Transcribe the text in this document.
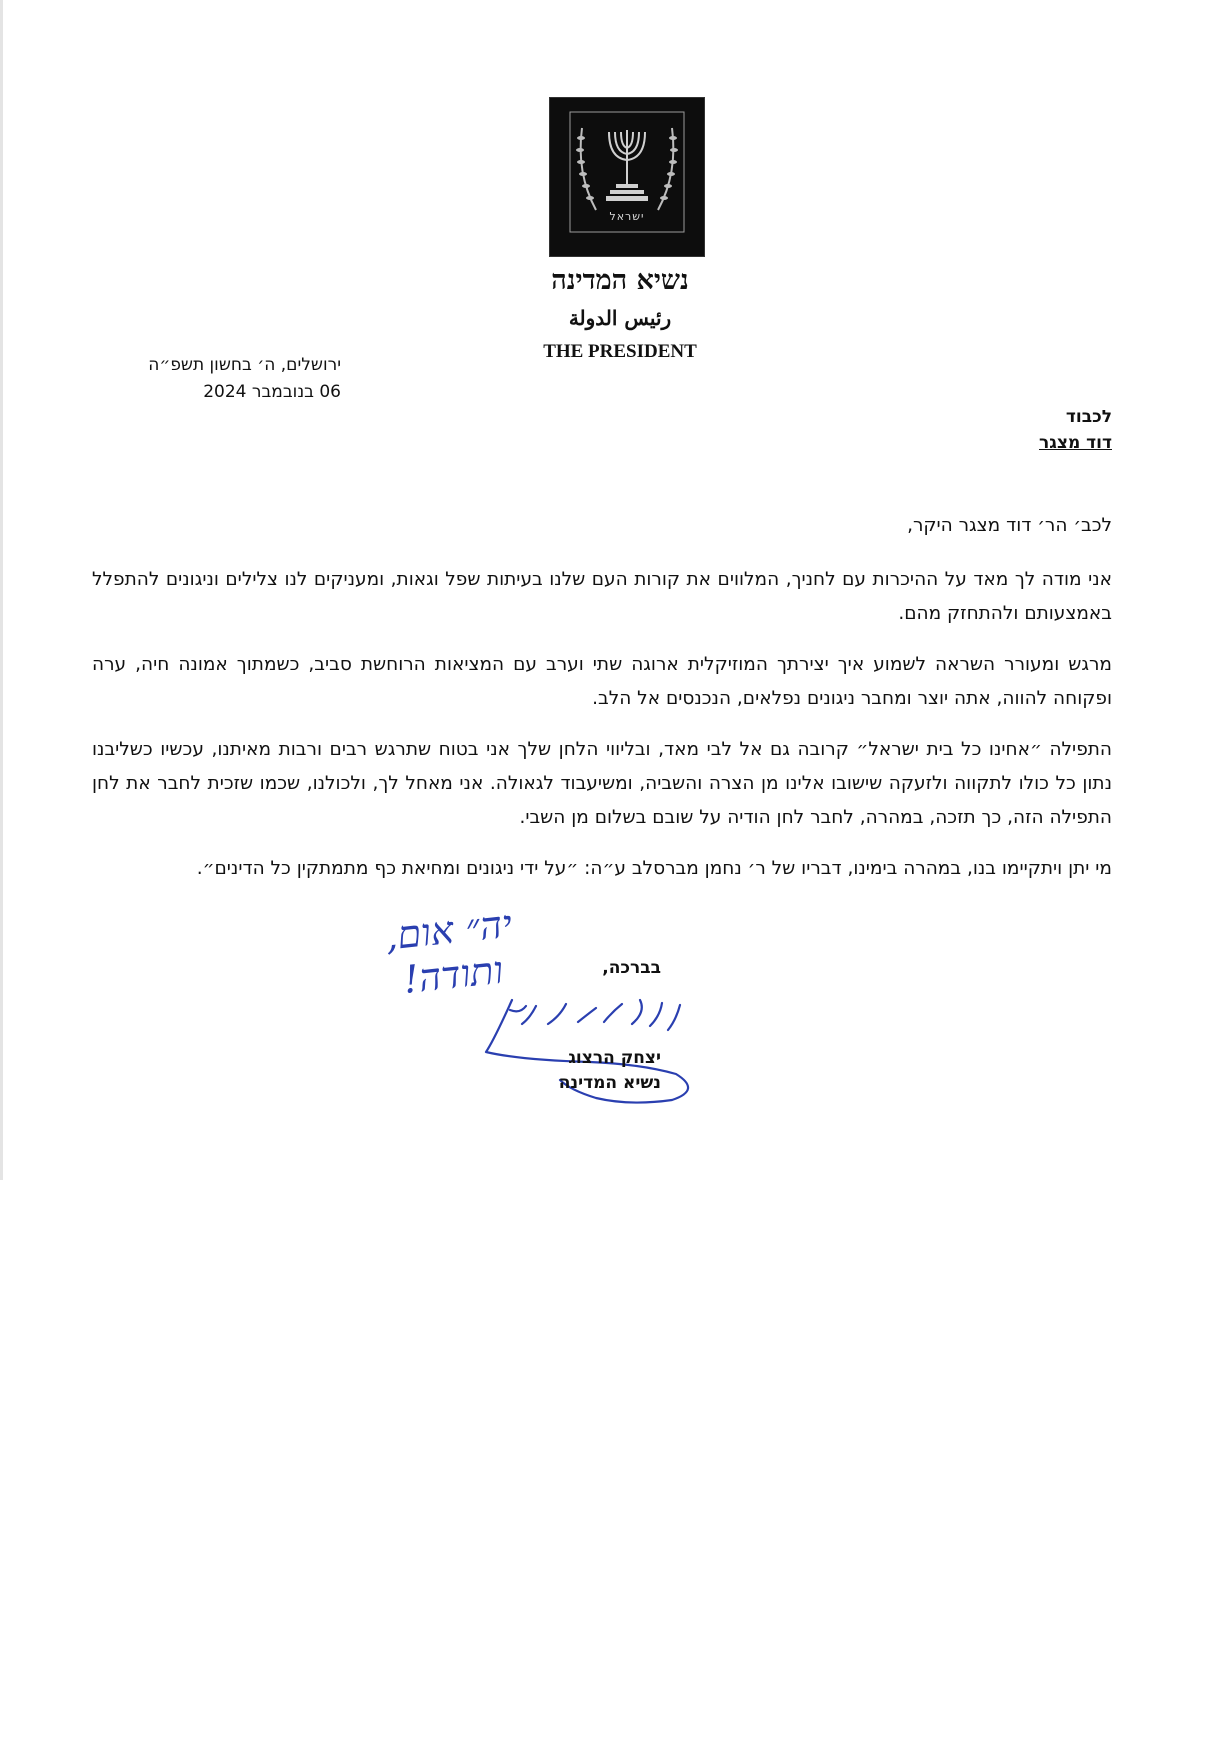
ישראל
נשיא המדינה
رئيس الدولة
THE PRESIDENT
ירושלים, ה׳ בחשון תשפ״ה
06 בנובמבר 2024
לכבוד
דוד מצגר

לכב׳ הר׳ דוד מצגר היקר,

אני מודה לך מאד על ההיכרות עם לחניך, המלווים את קורות העם שלנו בעיתות שפל וגאות, ומעניקים לנו צלילים וניגונים להתפלל באמצעותם ולהתחזק מהם.

מרגש ומעורר השראה לשמוע איך יצירתך המוזיקלית ארוגה שתי וערב עם המציאות הרוחשת סביב, כשמתוך אמונה חיה, ערה ופקוחה להווה, אתה יוצר ומחבר ניגונים נפלאים, הנכנסים אל הלב.

התפילה ״אחינו כל בית ישראל״ קרובה גם אל לבי מאד, ובליווי הלחן שלך אני בטוח שתרגש רבים ורבות מאיתנו, עכשיו כשליבנו נתון כל כולו לתקווה ולזעקה שישובו אלינו מן הצרה והשביה, ומשיעבוד לגאולה. אני מאחל לך, ולכולנו, שכמו שזכית לחבר את לחן התפילה הזה, כך תזכה, במהרה, לחבר לחן הודיה על שובם בשלום מן השבי.

מי יתן ויתקיימו בנו, במהרה בימינו, דבריו של ר׳ נחמן מברסלב ע״ה: ״על ידי ניגונים ומחיאת כף מתמתקין כל הדינים״.

יה״ אום, ותודה!	בברכה,
יצחק הרצוג
נשיא המדינה
